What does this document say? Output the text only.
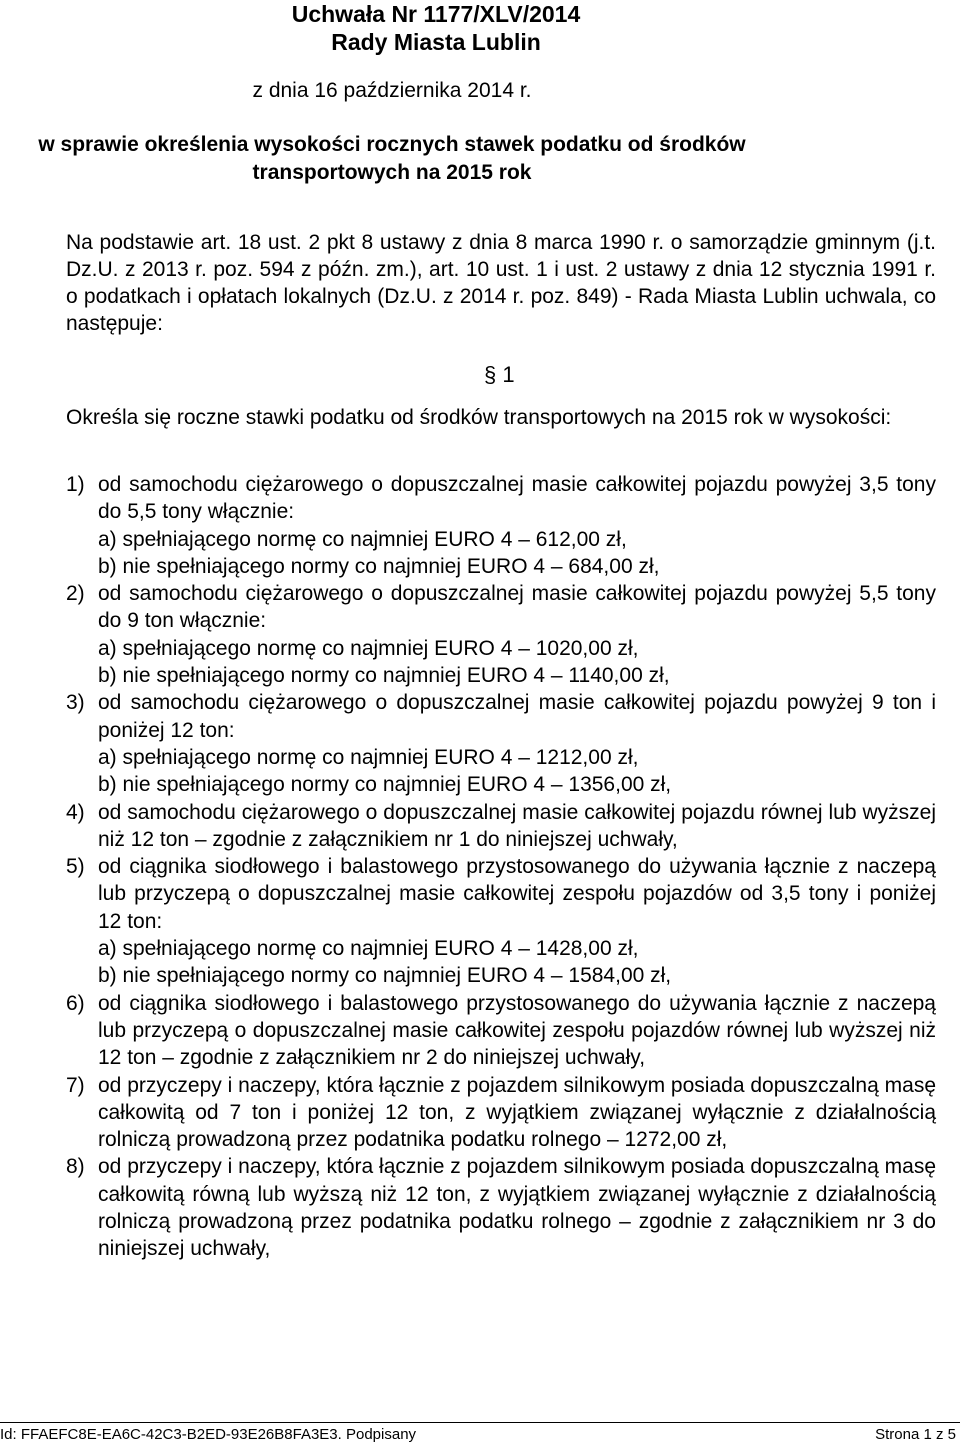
Uchwała Nr 1177/XLV/2014
Rady Miasta Lublin
z dnia 16 października 2014 r.
w sprawie określenia wysokości rocznych stawek podatku od środków
transportowych na 2015 rok
Na podstawie art. 18 ust. 2 pkt 8 ustawy z dnia 8 marca 1990 r. o samorządzie gminnym (j.t. Dz.U. z 2013 r. poz. 594 z późn. zm.), art. 10 ust. 1 i ust. 2 ustawy z dnia 12 stycznia 1991 r. o podatkach i opłatach lokalnych (Dz.U. z 2014 r. poz. 849) - Rada Miasta Lublin uchwala, co następuje:
§ 1
Określa się roczne stawki podatku od środków transportowych na 2015 rok w wysokości:
1) od samochodu ciężarowego o dopuszczalnej masie całkowitej pojazdu powyżej 3,5 tony do 5,5 tony włącznie:
a) spełniającego normę co najmniej EURO 4 – 612,00 zł,
b) nie spełniającego normy co najmniej EURO 4 – 684,00 zł,
2) od samochodu ciężarowego o dopuszczalnej masie całkowitej pojazdu powyżej 5,5 tony do 9 ton włącznie:
a) spełniającego normę co najmniej EURO 4 – 1020,00 zł,
b) nie spełniającego normy co najmniej EURO 4 – 1140,00 zł,
3) od samochodu ciężarowego o dopuszczalnej masie całkowitej pojazdu powyżej 9 ton i poniżej 12 ton:
a) spełniającego normę co najmniej EURO 4 – 1212,00 zł,
b) nie spełniającego normy co najmniej EURO 4 – 1356,00 zł,
4) od samochodu ciężarowego o dopuszczalnej masie całkowitej pojazdu równej lub wyższej niż 12 ton – zgodnie z załącznikiem nr 1 do niniejszej uchwały,
5) od ciągnika siodłowego i balastowego przystosowanego do używania łącznie z naczepą lub przyczepą o dopuszczalnej masie całkowitej zespołu pojazdów od 3,5 tony i poniżej 12 ton:
a) spełniającego normę co najmniej EURO 4 – 1428,00 zł,
b) nie spełniającego normy co najmniej EURO 4 – 1584,00 zł,
6) od ciągnika siodłowego i balastowego przystosowanego do używania łącznie z naczepą lub przyczepą o dopuszczalnej masie całkowitej zespołu pojazdów równej lub wyższej niż 12 ton – zgodnie z załącznikiem nr 2 do niniejszej uchwały,
7) od przyczepy i naczepy, która łącznie z pojazdem silnikowym posiada dopuszczalną masę całkowitą od 7 ton i poniżej 12 ton, z wyjątkiem związanej wyłącznie z działalnością rolniczą prowadzoną przez podatnika podatku rolnego – 1272,00 zł,
8) od przyczepy i naczepy, która łącznie z pojazdem silnikowym posiada dopuszczalną masę całkowitą równą lub wyższą niż 12 ton, z wyjątkiem związanej wyłącznie z działalnością rolniczą prowadzoną przez podatnika podatku rolnego – zgodnie z załącznikiem nr 3 do niniejszej uchwały,
Id: FFAEFC8E-EA6C-42C3-B2ED-93E26B8FA3E3. Podpisany	Strona 1 z 5
